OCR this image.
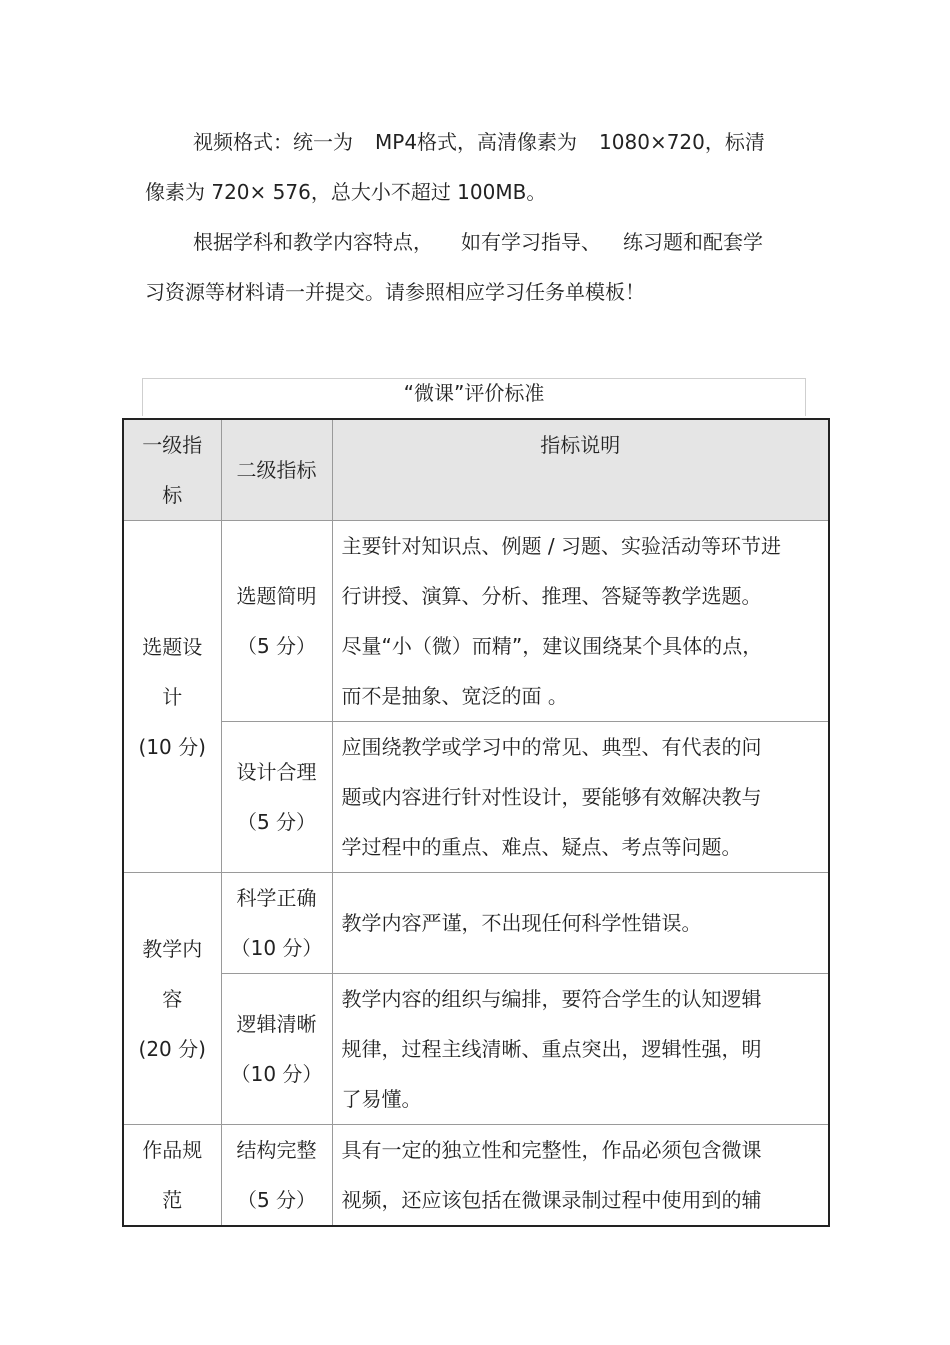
视频格式：统一为 MP4格式，高清像素为 1080×720，标清
像素为 720× 576，总大小不超过 100MB。

根据学科和教学内容特点， 如有学习指导、 练习题和配套学
习资源等材料请一并提交。请参照相应学习任务单模板！

“微课”评价标准
一级指
标	二级指标	指标说明

选题设
计
(10 分)	选题简明
（5 分）	主要针对知识点、例题 / 习题、实验活动等环节进
行讲授、演算、分析、推理、答疑等教学选题。
尽量“小（微）而精”，建议围绕某个具体的点，
而不是抽象、宽泛的面 。

	设计合理
（5 分）	应围绕教学或学习中的常见、典型、有代表的问
题或内容进行针对性设计，要能够有效解决教与
学过程中的重点、难点、疑点、考点等问题。

教学内
容
(20 分)	科学正确
（10 分）	教学内容严谨，不出现任何科学性错误。

	逻辑清晰
（10 分）	教学内容的组织与编排，要符合学生的认知逻辑
规律，过程主线清晰、重点突出，逻辑性强，明
了易懂。

作品规
范	结构完整
（5 分）	具有一定的独立性和完整性，作品必须包含微课
视频，还应该包括在微课录制过程中使用到的辅
